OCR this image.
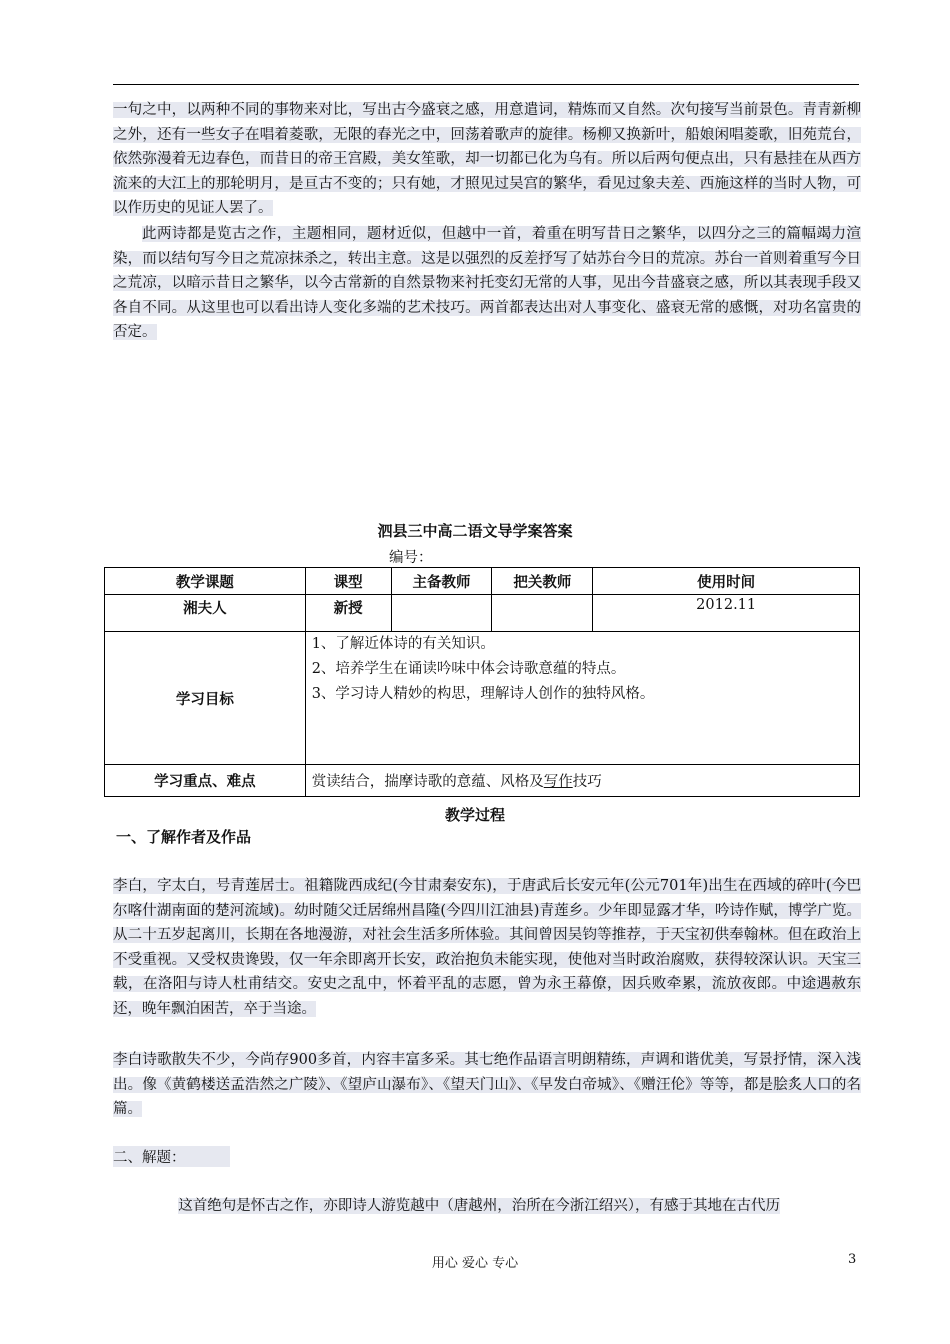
一句之中，以两种不同的事物来对比，写出古今盛衰之感，用意遣词，精炼而又自然。次句接写当前景色。青青新柳之外，还有一些女子在唱着菱歌，无限的春光之中，回荡着歌声的旋律。杨柳又换新叶，船娘闲唱菱歌，旧苑荒台，依然弥漫着无边春色，而昔日的帝王宫殿，美女笙歌，却一切都已化为乌有。所以后两句便点出，只有悬挂在从西方流来的大江上的那轮明月，是亘古不变的；只有她，才照见过吴宫的繁华，看见过象夫差、西施这样的当时人物，可以作历史的见证人罢了。
此两诗都是览古之作，主题相同，题材近似，但越中一首，着重在明写昔日之繁华，以四分之三的篇幅竭力渲染，而以结句写今日之荒凉抹杀之，转出主意。这是以强烈的反差抒写了姑苏台今日的荒凉。苏台一首则着重写今日之荒凉，以暗示昔日之繁华，以今古常新的自然景物来衬托变幻无常的人事，见出今昔盛衰之感，所以其表现手段又各自不同。从这里也可以看出诗人变化多端的艺术技巧。两首都表达出对人事变化、盛衰无常的感慨，对功名富贵的否定。
泗县三中高二语文导学案答案
编号：
教学课题	课型	主备教师	把关教师	使用时间
湘夫人	新授			2012.11
学习目标	1、了解近体诗的有关知识。
2、培养学生在诵读吟味中体会诗歌意蕴的特点。
3、学习诗人精妙的构思，理解诗人创作的独特风格。			

学习重点、难点	赏读结合，揣摩诗歌的意蕴、风格及写作技巧			
教学过程
一、了解作者及作品
李白，字太白，号青莲居士。祖籍陇西成纪(今甘肃秦安东)，于唐武后长安元年(公元701年)出生在西域的碎叶(今巴尔喀什湖南面的楚河流域)。幼时随父迁居绵州昌隆(今四川江油县)青莲乡。少年即显露才华，吟诗作赋，博学广览。从二十五岁起离川，长期在各地漫游，对社会生活多所体验。其间曾因吴钧等推荐，于天宝初供奉翰林。但在政治上不受重视。又受权贵谗毁，仅一年余即离开长安，政治抱负未能实现，使他对当时政治腐败，获得较深认识。天宝三载，在洛阳与诗人杜甫结交。安史之乱中，怀着平乱的志愿，曾为永王幕僚，因兵败牵累，流放夜郎。中途遇赦东还，晚年飘泊困苦，卒于当途。
李白诗歌散失不少，今尚存900多首，内容丰富多采。其七绝作品语言明朗精练，声调和谐优美，写景抒情，深入浅出。像《黄鹤楼送孟浩然之广陵》、《望庐山瀑布》、《望天门山》、《早发白帝城》、《赠汪伦》等等，都是脍炙人口的名篇。
二、解题：
这首绝句是怀古之作，亦即诗人游览越中（唐越州，治所在今浙江绍兴），有感于其地在古代历
用心 爱心 专心	3
